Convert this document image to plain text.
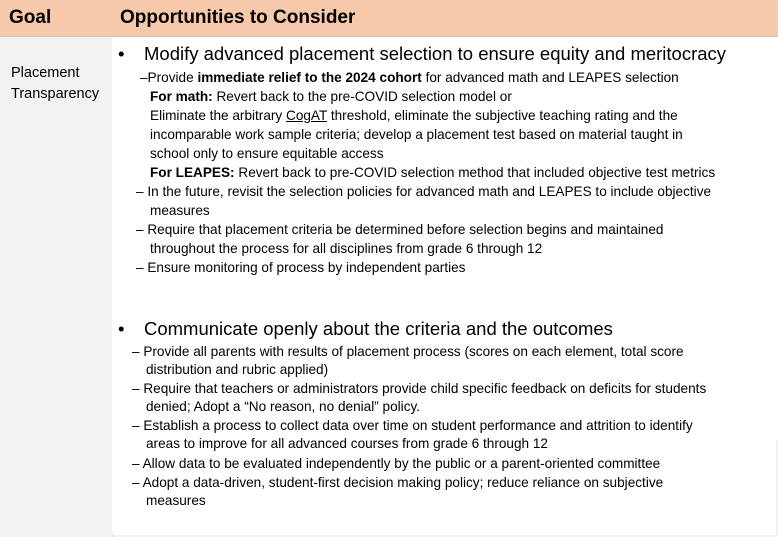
Goal	Opportunities to Consider
Placement
Transparency
• Modify advanced placement selection to ensure equity and meritocracy
–Provide immediate relief to the 2024 cohort for advanced math and LEAPES selection
For math: Revert back to the pre-COVID selection model or
Eliminate the arbitrary CogAT threshold, eliminate the subjective teaching rating and the
incomparable work sample criteria; develop a placement test based on material taught in
school only to ensure equitable access
For LEAPES: Revert back to pre-COVID selection method that included objective test metrics
– In the future, revisit the selection policies for advanced math and LEAPES to include objective
measures
– Require that placement criteria be determined before selection begins and maintained
throughout the process for all disciplines from grade 6 through 12
– Ensure monitoring of process by independent parties
• Communicate openly about the criteria and the outcomes
– Provide all parents with results of placement process (scores on each element, total score
distribution and rubric applied)
– Require that teachers or administrators provide child specific feedback on deficits for students
denied; Adopt a “No reason, no denial” policy.
– Establish a process to collect data over time on student performance and attrition to identify
areas to improve for all advanced courses from grade 6 through 12
– Allow data to be evaluated independently by the public or a parent-oriented committee
– Adopt a data-driven, student-first decision making policy; reduce reliance on subjective
measures
